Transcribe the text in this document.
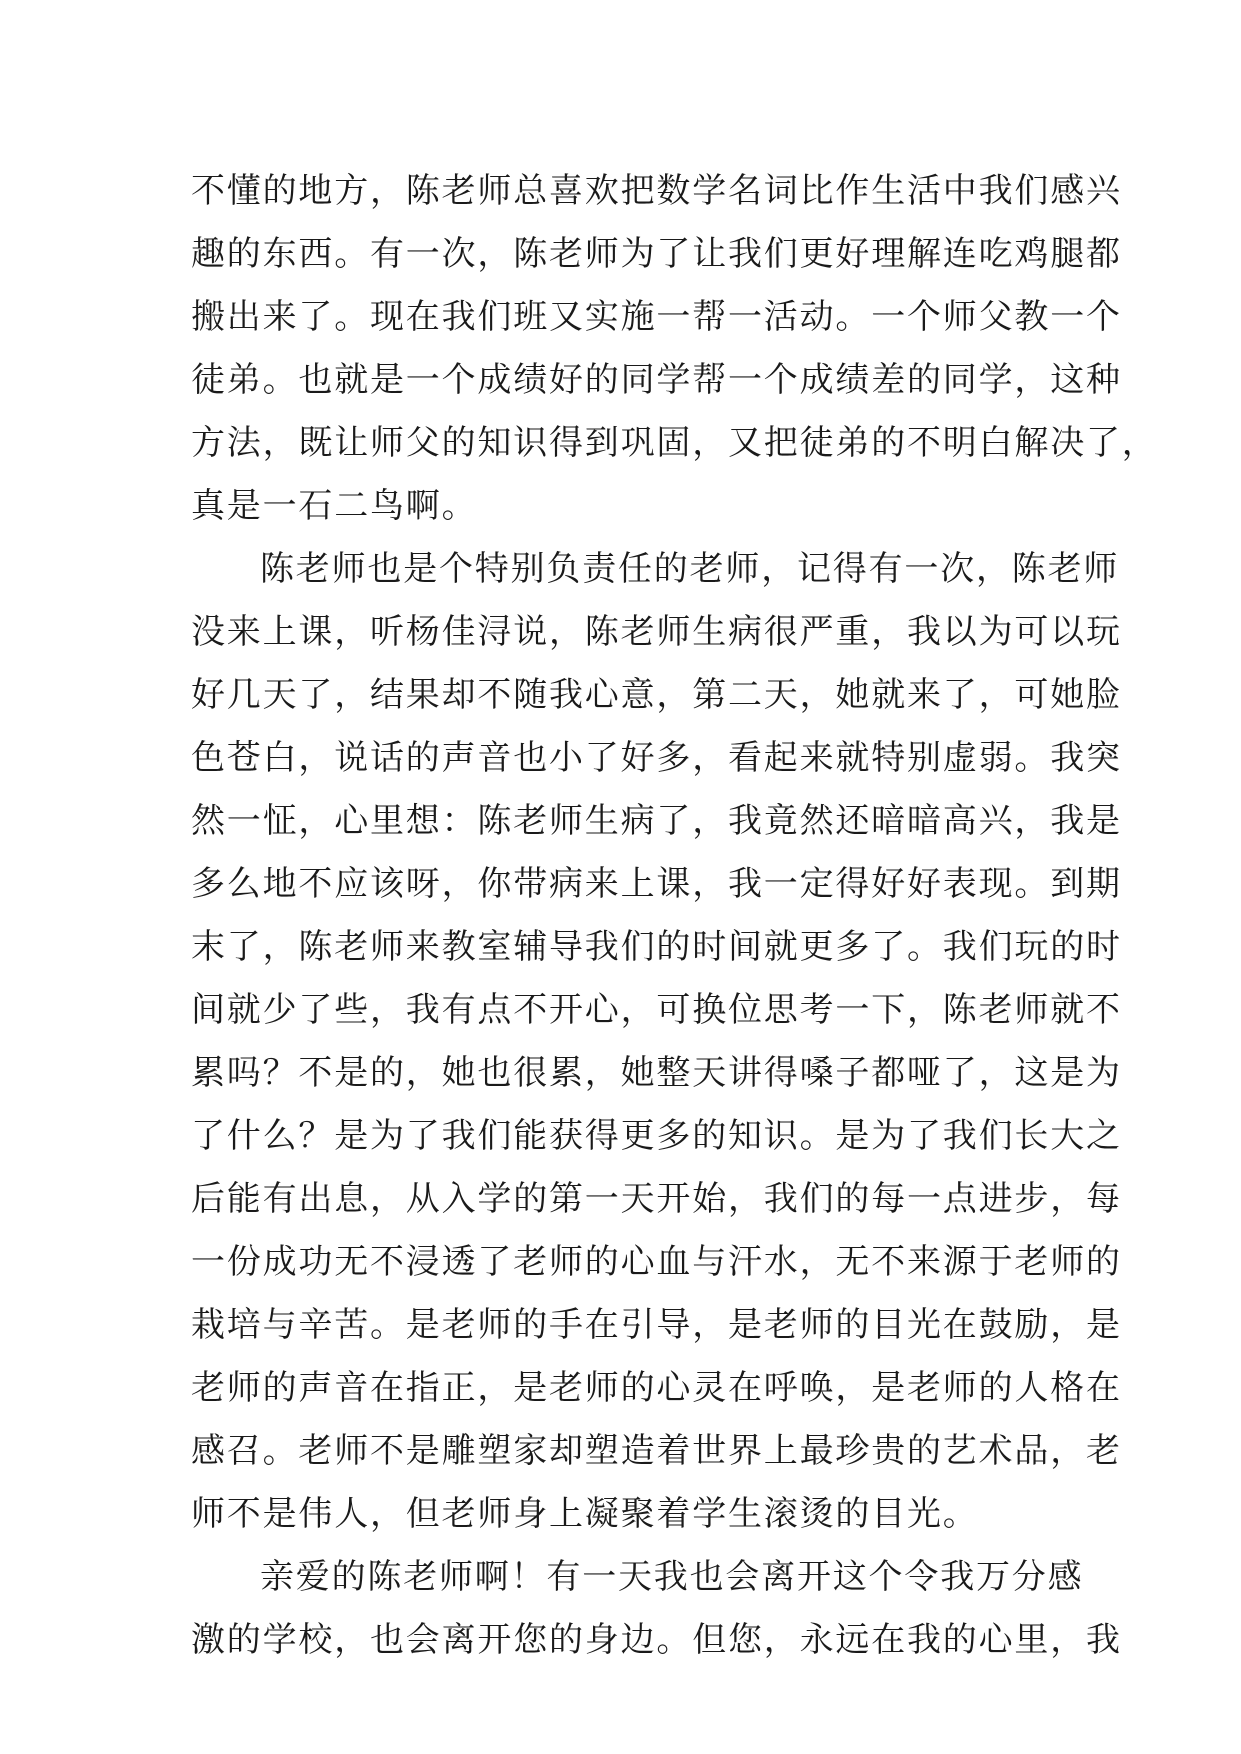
不懂的地方，陈老师总喜欢把数学名词比作生活中我们感兴
趣的东西。有一次，陈老师为了让我们更好理解连吃鸡腿都
搬出来了。现在我们班又实施一帮一活动。一个师父教一个
徒弟。也就是一个成绩好的同学帮一个成绩差的同学，这种
方法，既让师父的知识得到巩固，又把徒弟的不明白解决了，
真是一石二鸟啊。
陈老师也是个特别负责任的老师，记得有一次，陈老师
没来上课，听杨佳浔说，陈老师生病很严重，我以为可以玩
好几天了，结果却不随我心意，第二天，她就来了，可她脸
色苍白，说话的声音也小了好多，看起来就特别虚弱。我突
然一怔，心里想：陈老师生病了，我竟然还暗暗高兴，我是
多么地不应该呀，你带病来上课，我一定得好好表现。到期
末了，陈老师来教室辅导我们的时间就更多了。我们玩的时
间就少了些，我有点不开心，可换位思考一下，陈老师就不
累吗？不是的，她也很累，她整天讲得嗓子都哑了，这是为
了什么？是为了我们能获得更多的知识。是为了我们长大之
后能有出息，从入学的第一天开始，我们的每一点进步，每
一份成功无不浸透了老师的心血与汗水，无不来源于老师的
栽培与辛苦。是老师的手在引导，是老师的目光在鼓励，是
老师的声音在指正，是老师的心灵在呼唤，是老师的人格在
感召。老师不是雕塑家却塑造着世界上最珍贵的艺术品，老
师不是伟人，但老师身上凝聚着学生滚烫的目光。
亲爱的陈老师啊！有一天我也会离开这个令我万分感
激的学校，也会离开您的身边。但您，永远在我的心里，我
